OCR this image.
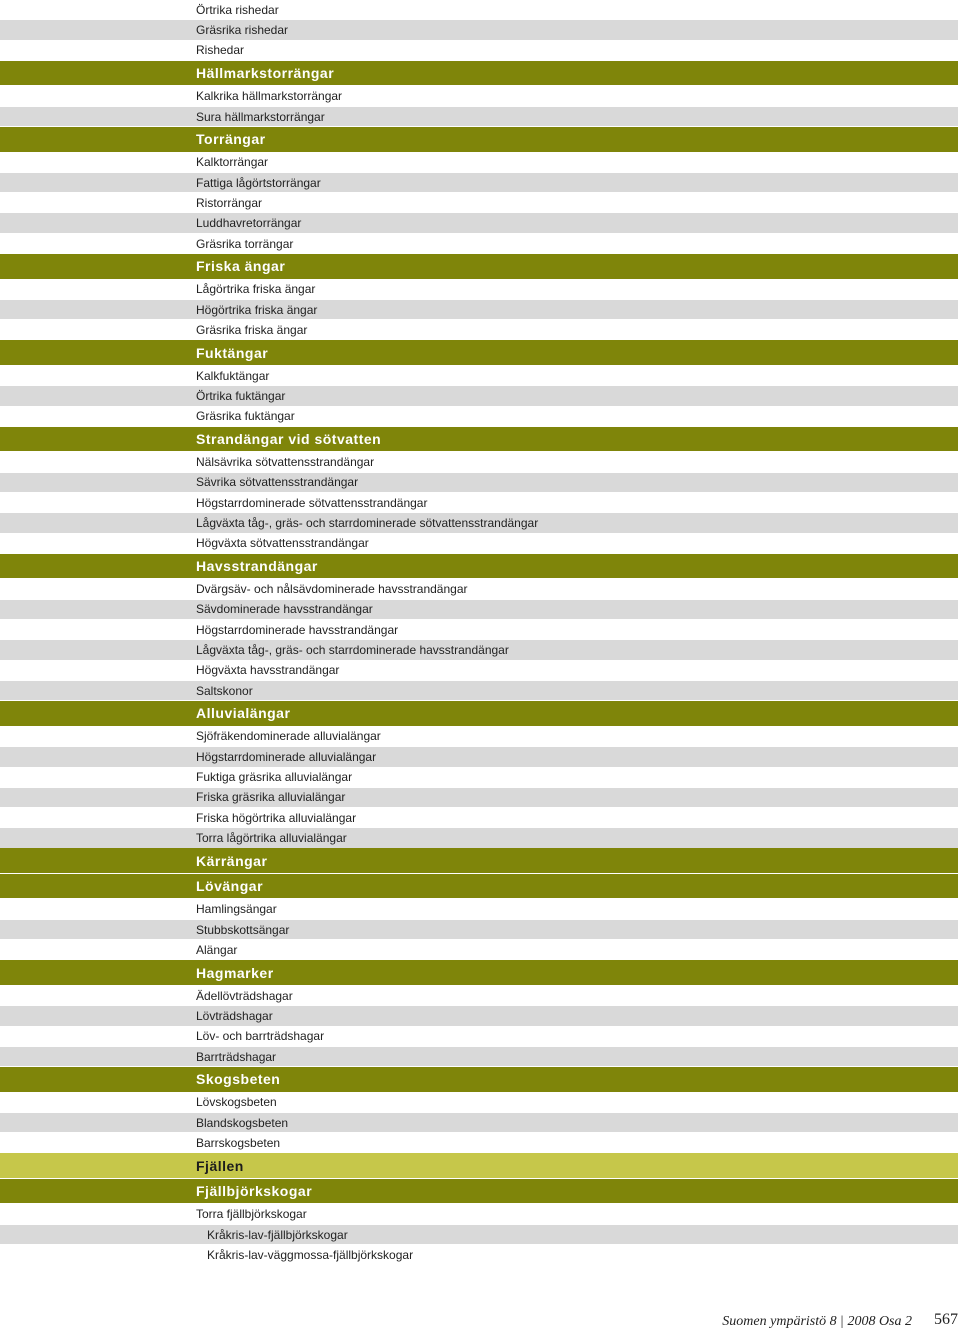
Örtrika rishedar
Gräsrika rishedar
Rishedar
Hällmarkstorrängar
Kalkrika hällmarkstorrängar
Sura hällmarkstorrängar
Torrängar
Kalktorrängar
Fattiga lågörtstorrängar
Ristorrängar
Luddhavretorrängar
Gräsrika torrängar
Friska ängar
Lågörtrika friska ängar
Högörtrika friska ängar
Gräsrika friska ängar
Fuktängar
Kalkfuktängar
Örtrika fuktängar
Gräsrika fuktängar
Strandängar vid sötvatten
Nälsävrika sötvattensstrandängar
Sävrika sötvattensstrandängar
Högstarrdominerade sötvattensstrandängar
Lågväxta tåg-, gräs- och starrdominerade sötvattensstrandängar
Högväxta sötvattensstrandängar
Havsstrandängar
Dvärgsäv- och nålsävdominerade havsstrandängar
Sävdominerade havsstrandängar
Högstarrdominerade havsstrandängar
Lågväxta tåg-, gräs- och starrdominerade havsstrandängar
Högväxta havsstrandängar
Saltskonor
Alluvialängar
Sjöfräkendominerade alluvialängar
Högstarrdominerade alluvialängar
Fuktiga gräsrika alluvialängar
Friska gräsrika alluvialängar
Friska högörtrika alluvialängar
Torra lågörtrika alluvialängar
Kärrängar
Lövängar
Hamlingsängar
Stubbskottsängar
Alängar
Hagmarker
Ädellövträdshagar
Lövträdshagar
Löv- och barrträdshagar
Barrträdshagar
Skogsbeten
Lövskogsbeten
Blandskogsbeten
Barrskogsbeten
Fjällen
Fjällbjörkskogar
Torra fjällbjörkskogar
Kråkris-lav-fjällbjörkskogar
Kråkris-lav-väggmossa-fjällbjörkskogar
Suomen ympäristö 8 | 2008 Osa 2 567
